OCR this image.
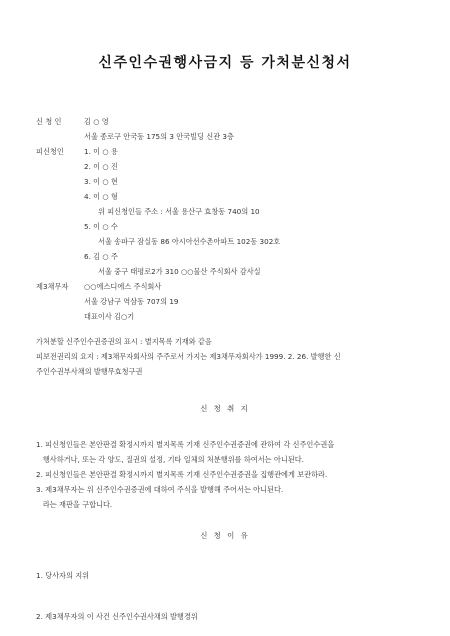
신주인수권행사금지 등 가처분신청서
신 청 인	김 ○ 영
서울 종로구 안국동 175의 3 안국빌딩 신관 3층
피신청인	1. 이 ○ 용
2. 이 ○ 진
3. 이 ○ 현
4. 이 ○ 형
위 피신청인들 주소 : 서울 용산구 효창동 740의 10
5. 이 ○ 수
서울 송파구 잠실동 86 아시아선수촌아파트 102동 302호
6. 김 ○ 주
서울 중구 태평로2가 310 ○○물산 주식회사 감사실
제3채무자 ○○에스디에스 주식회사
서울 강남구 역삼동 707의 19
대표이사 김○기
가처분할 신주인수권증권의 표시 : 별지목록 기재와 같음
피보전권리의 요지 : 제3채무자회사의 주주로서 가지는 제3채무자회사가 1999. 2. 26. 발행한 신
주인수권부사채의 발행무효청구권
신 청 취 지
1. 피신청인들은 본안판결 확정시까지 별지목록 기재 신주인수권증권에 관하여 각 신주인수권을
행사하거나, 또는 각 양도, 질권의 설정, 기타 일체의 처분행위를 하여서는 아니된다.
2. 피신청인들은 본안판결 확정시까지 별지목록 기재 신주인수권증권을 집행관에게 보관하라.
3. 제3채무자는 위 신주인수권증권에 대하여 주식을 발행해 주어서는 아니된다.
라는 재판을 구합니다.
신 청 이 유
1. 당사자의 지위
2. 제3채무자의 이 사건 신주인수권사채의 발행경위
